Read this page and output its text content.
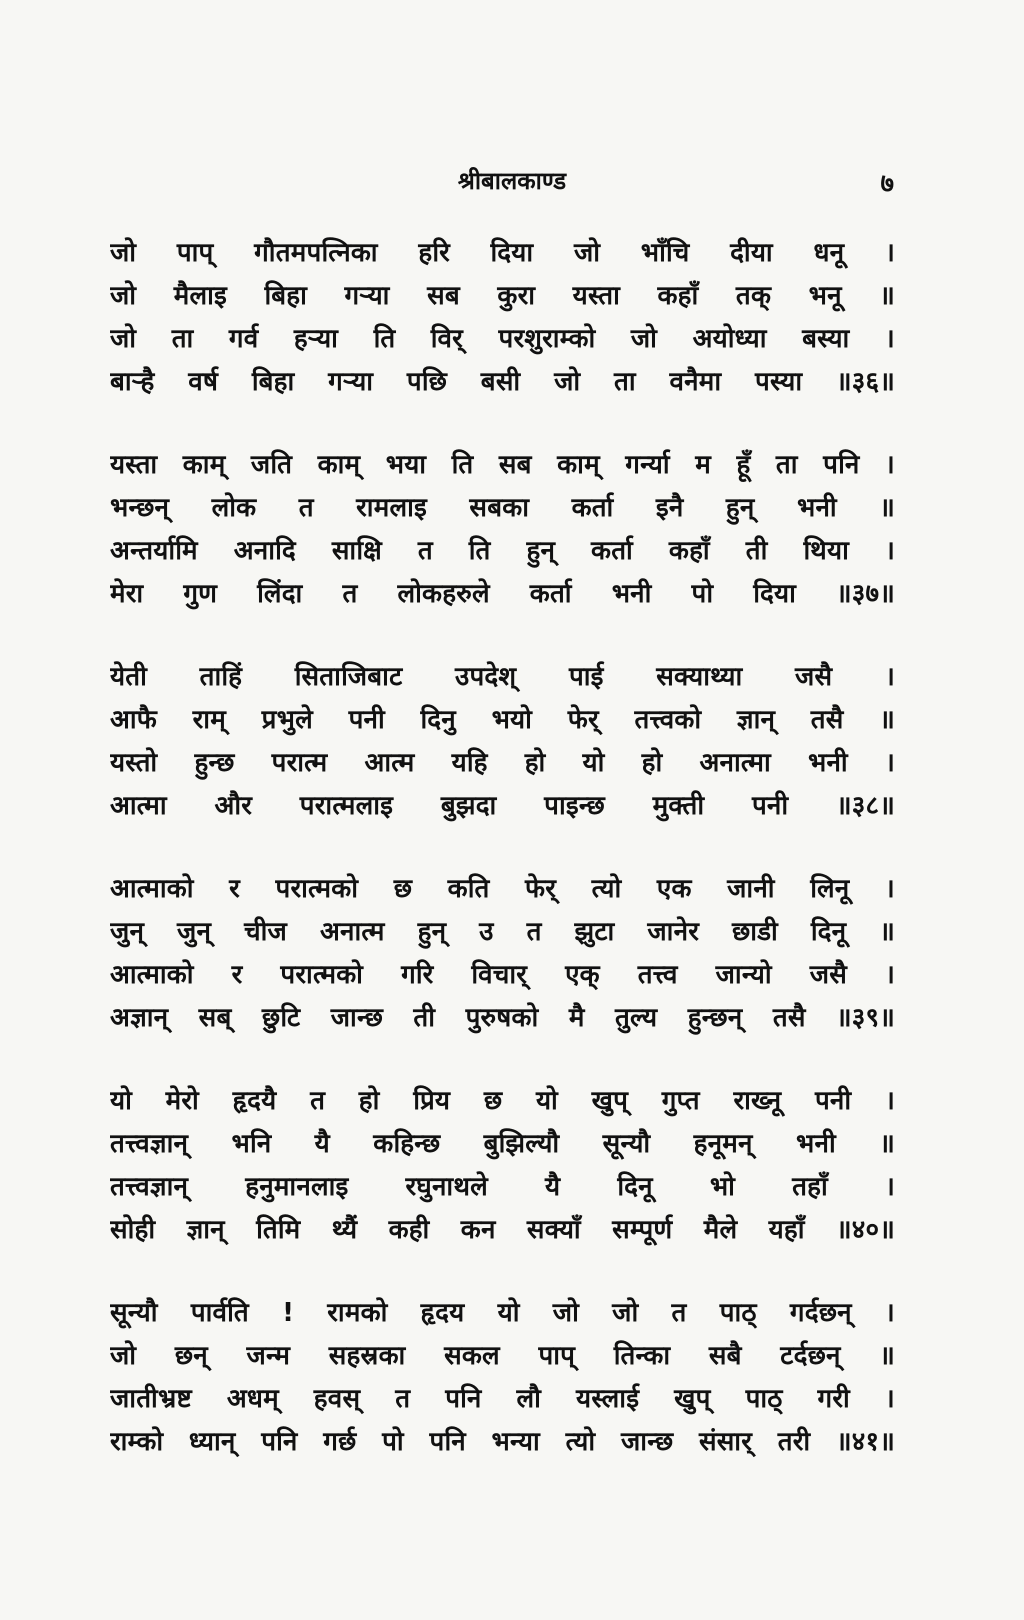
श्रीबालकाण्ड	७
जो पाप् गौतमपत्निका हरि दिया जो भाँचि दीया धनू ।
जो मैलाइ बिहा गऱ्या सब कुरा यस्ता कहाँ तक् भनू ॥
जो ता गर्व हऱ्या ति विर् परशुराम्को जो अयोध्या बस्या ।
बाऱ्है वर्ष बिहा गऱ्या पछि बसी जो ता वनैमा पस्या ॥३६॥
यस्ता काम् जति काम् भया ति सब काम् गर्न्या म हूँ ता पनि ।
भन्छन् लोक त रामलाइ सबका कर्ता इनै हुन् भनी ॥
अन्तर्यामि अनादि साक्षि त ति हुन् कर्ता कहाँ ती थिया ।
मेरा गुण लिंदा त लोकहरुले कर्ता भनी पो दिया ॥३७॥
येती ताहिं सिताजिबाट उपदेश् पाई सक्याथ्या जसै ।
आफै राम् प्रभुले पनी दिनु भयो फेर् तत्त्वको ज्ञान् तसै ॥
यस्तो हुन्छ परात्म आत्म यहि हो यो हो अनात्मा भनी ।
आत्मा और परात्मलाइ बुझदा पाइन्छ मुक्ती पनी ॥३८॥
आत्माको र परात्मको छ कति फेर् त्यो एक जानी लिनू ।
जुन् जुन् चीज अनात्म हुन् उ त झुटा जानेर छाडी दिनू ॥
आत्माको र परात्मको गरि विचार् एक् तत्त्व जान्यो जसै ।
अज्ञान् सब् छुटि जान्छ ती पुरुषको मै तुल्य हुन्छन् तसै ॥३९॥
यो मेरो हृदयै त हो प्रिय छ यो खुप् गुप्त राख्नू पनी ।
तत्त्वज्ञान् भनि यै कहिन्छ बुझिल्यौ सून्यौ हनूमन् भनी ॥
तत्त्वज्ञान् हनुमानलाइ रघुनाथले यै दिनू भो तहाँ ।
सोही ज्ञान् तिमि थ्यैं कही कन सक्याँ सम्पूर्ण मैले यहाँ ॥४०॥
सून्यौ पार्वति ! रामको हृदय यो जो जो त पाठ् गर्दछन् ।
जो छन् जन्म सहस्रका सकल पाप् तिन्का सबै टर्दछन् ॥
जातीभ्रष्ट अधम् हवस् त पनि लौ यस्लाई खुप् पाठ् गरी ।
राम्को ध्यान् पनि गर्छ पो पनि भन्या त्यो जान्छ संसार् तरी ॥४१॥
